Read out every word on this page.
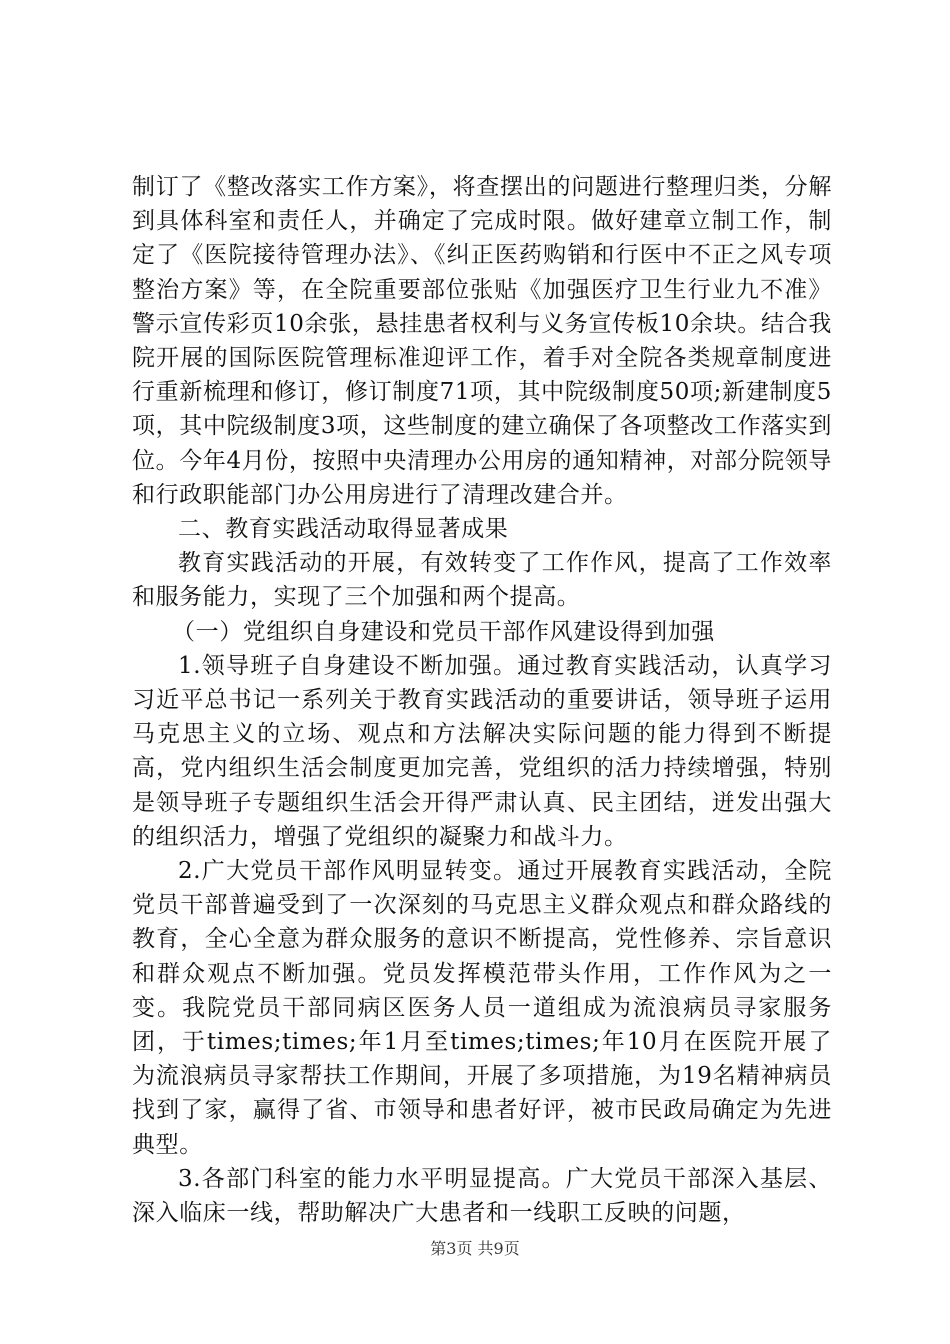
制订了《整改落实工作方案》，将查摆出的问题进行整理归类，分解到具体科室和责任人，并确定了完成时限。做好建章立制工作，制定了《医院接待管理办法》、《纠正医药购销和行医中不正之风专项整治方案》等，在全院重要部位张贴《加强医疗卫生行业九不准》警示宣传彩页10余张，悬挂患者权利与义务宣传板10余块。结合我院开展的国际医院管理标准迎评工作，着手对全院各类规章制度进行重新梳理和修订，修订制度71项，其中院级制度50项;新建制度5项，其中院级制度3项，这些制度的建立确保了各项整改工作落实到位。今年4月份，按照中央清理办公用房的通知精神，对部分院领导和行政职能部门办公用房进行了清理改建合并。

二、教育实践活动取得显著成果

教育实践活动的开展，有效转变了工作作风，提高了工作效率和服务能力，实现了三个加强和两个提高。

（一）党组织自身建设和党员干部作风建设得到加强

1.领导班子自身建设不断加强。通过教育实践活动，认真学习习近平总书记一系列关于教育实践活动的重要讲话，领导班子运用马克思主义的立场、观点和方法解决实际问题的能力得到不断提高，党内组织生活会制度更加完善，党组织的活力持续增强，特别是领导班子专题组织生活会开得严肃认真、民主团结，迸发出强大的组织活力，增强了党组织的凝聚力和战斗力。

2.广大党员干部作风明显转变。通过开展教育实践活动，全院党员干部普遍受到了一次深刻的马克思主义群众观点和群众路线的教育，全心全意为群众服务的意识不断提高，党性修养、宗旨意识和群众观点不断加强。党员发挥模范带头作用，工作作风为之一变。我院党员干部同病区医务人员一道组成为流浪病员寻家服务团，于times;times;年1月至times;times;年10月在医院开展了为流浪病员寻家帮扶工作期间，开展了多项措施，为19名精神病员找到了家，赢得了省、市领导和患者好评，被市民政局确定为先进典型。

3.各部门科室的能力水平明显提高。广大党员干部深入基层、深入临床一线，帮助解决广大患者和一线职工反映的问题，

第3页 共9页
